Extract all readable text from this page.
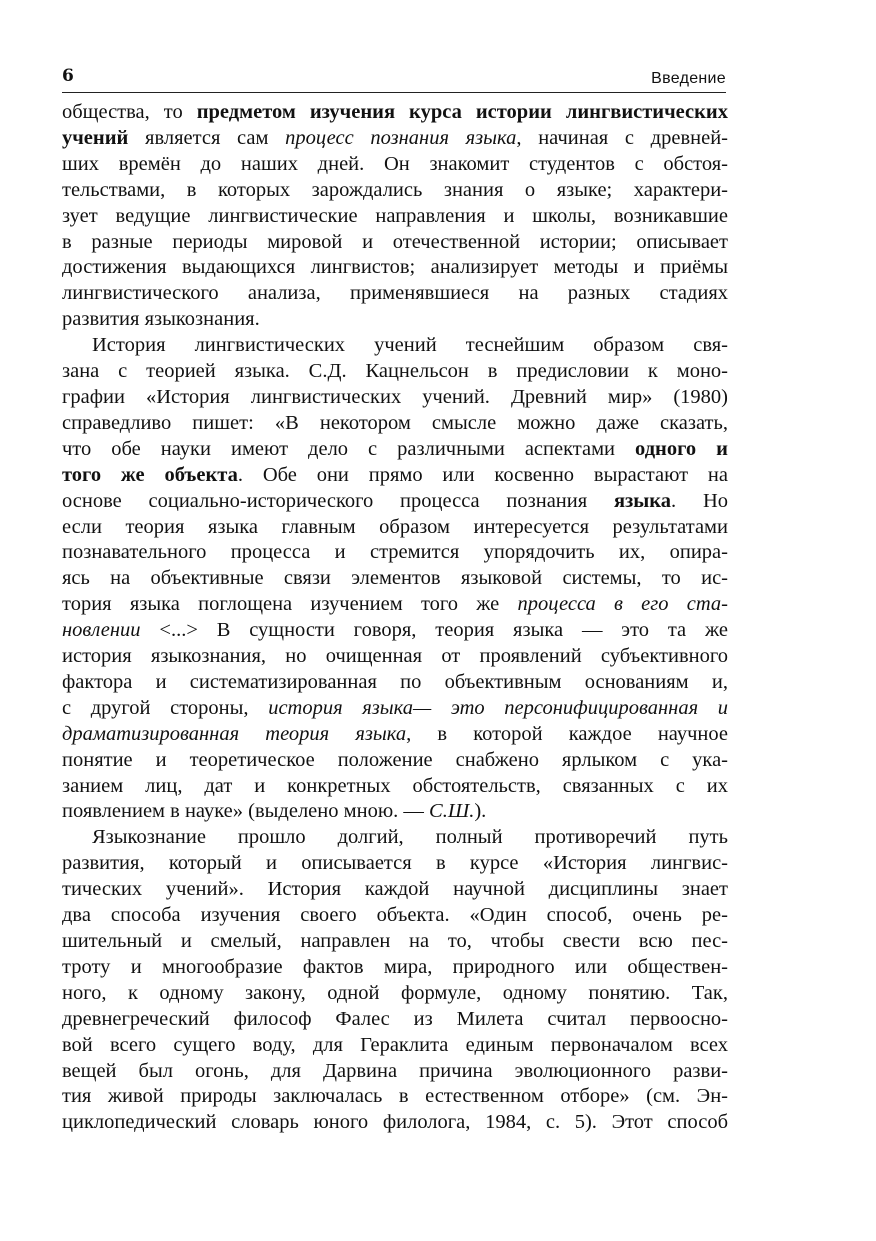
6	Введение

общества, то предметом изучения курса истории лингвистических

учений является сам процесс познания языка, начиная с древней-

ших времён до наших дней. Он знакомит студентов с обстоя-

тельствами, в которых зарождались знания о языке; характери-

зует ведущие лингвистические направления и школы, возникавшие

в разные периоды мировой и отечественной истории; описывает

достижения выдающихся лингвистов; анализирует методы и приёмы

лингвистического анализа, применявшиеся на разных стадиях

развития языкознания.

История лингвистических учений теснейшим образом свя-

зана с теорией языка. С.Д. Кацнельсон в предисловии к моно-

графии «История лингвистических учений. Древний мир» (1980)

справедливо пишет: «В некотором смысле можно даже сказать,

что обе науки имеют дело с различными аспектами одного и

того же объекта. Обе они прямо или косвенно вырастают на

основе социально-исторического процесса познания языка. Но

если теория языка главным образом интересуется результатами

познавательного процесса и стремится упорядочить их, опира-

ясь на объективные связи элементов языковой системы, то ис-

тория языка поглощена изучением того же процесса в его ста-

новлении <...> В сущности говоря, теория языка — это та же

история языкознания, но очищенная от проявлений субъективного

фактора и систематизированная по объективным основаниям и,

с другой стороны, история языка— это персонифицированная и

драматизированная теория языка, в которой каждое научное

понятие и теоретическое положение снабжено ярлыком с ука-

занием лиц, дат и конкретных обстоятельств, связанных с их

появлением в науке» (выделено мною. — С.Ш.).

Языкознание прошло долгий, полный противоречий путь

развития, который и описывается в курсе «История лингвис-

тических учений». История каждой научной дисциплины знает

два способа изучения своего объекта. «Один способ, очень ре-

шительный и смелый, направлен на то, чтобы свести всю пес-

троту и многообразие фактов мира, природного или обществен-

ного, к одному закону, одной формуле, одному понятию. Так,

древнегреческий философ Фалес из Милета считал первооснo-

вой всего сущего воду, для Гераклита единым первоначалом всех

вещей был огонь, для Дарвина причина эволюционного разви-

тия живой природы заключалась в естественном отборе» (см. Эн-

циклопедический словарь юного филолога, 1984, с. 5). Этот способ
